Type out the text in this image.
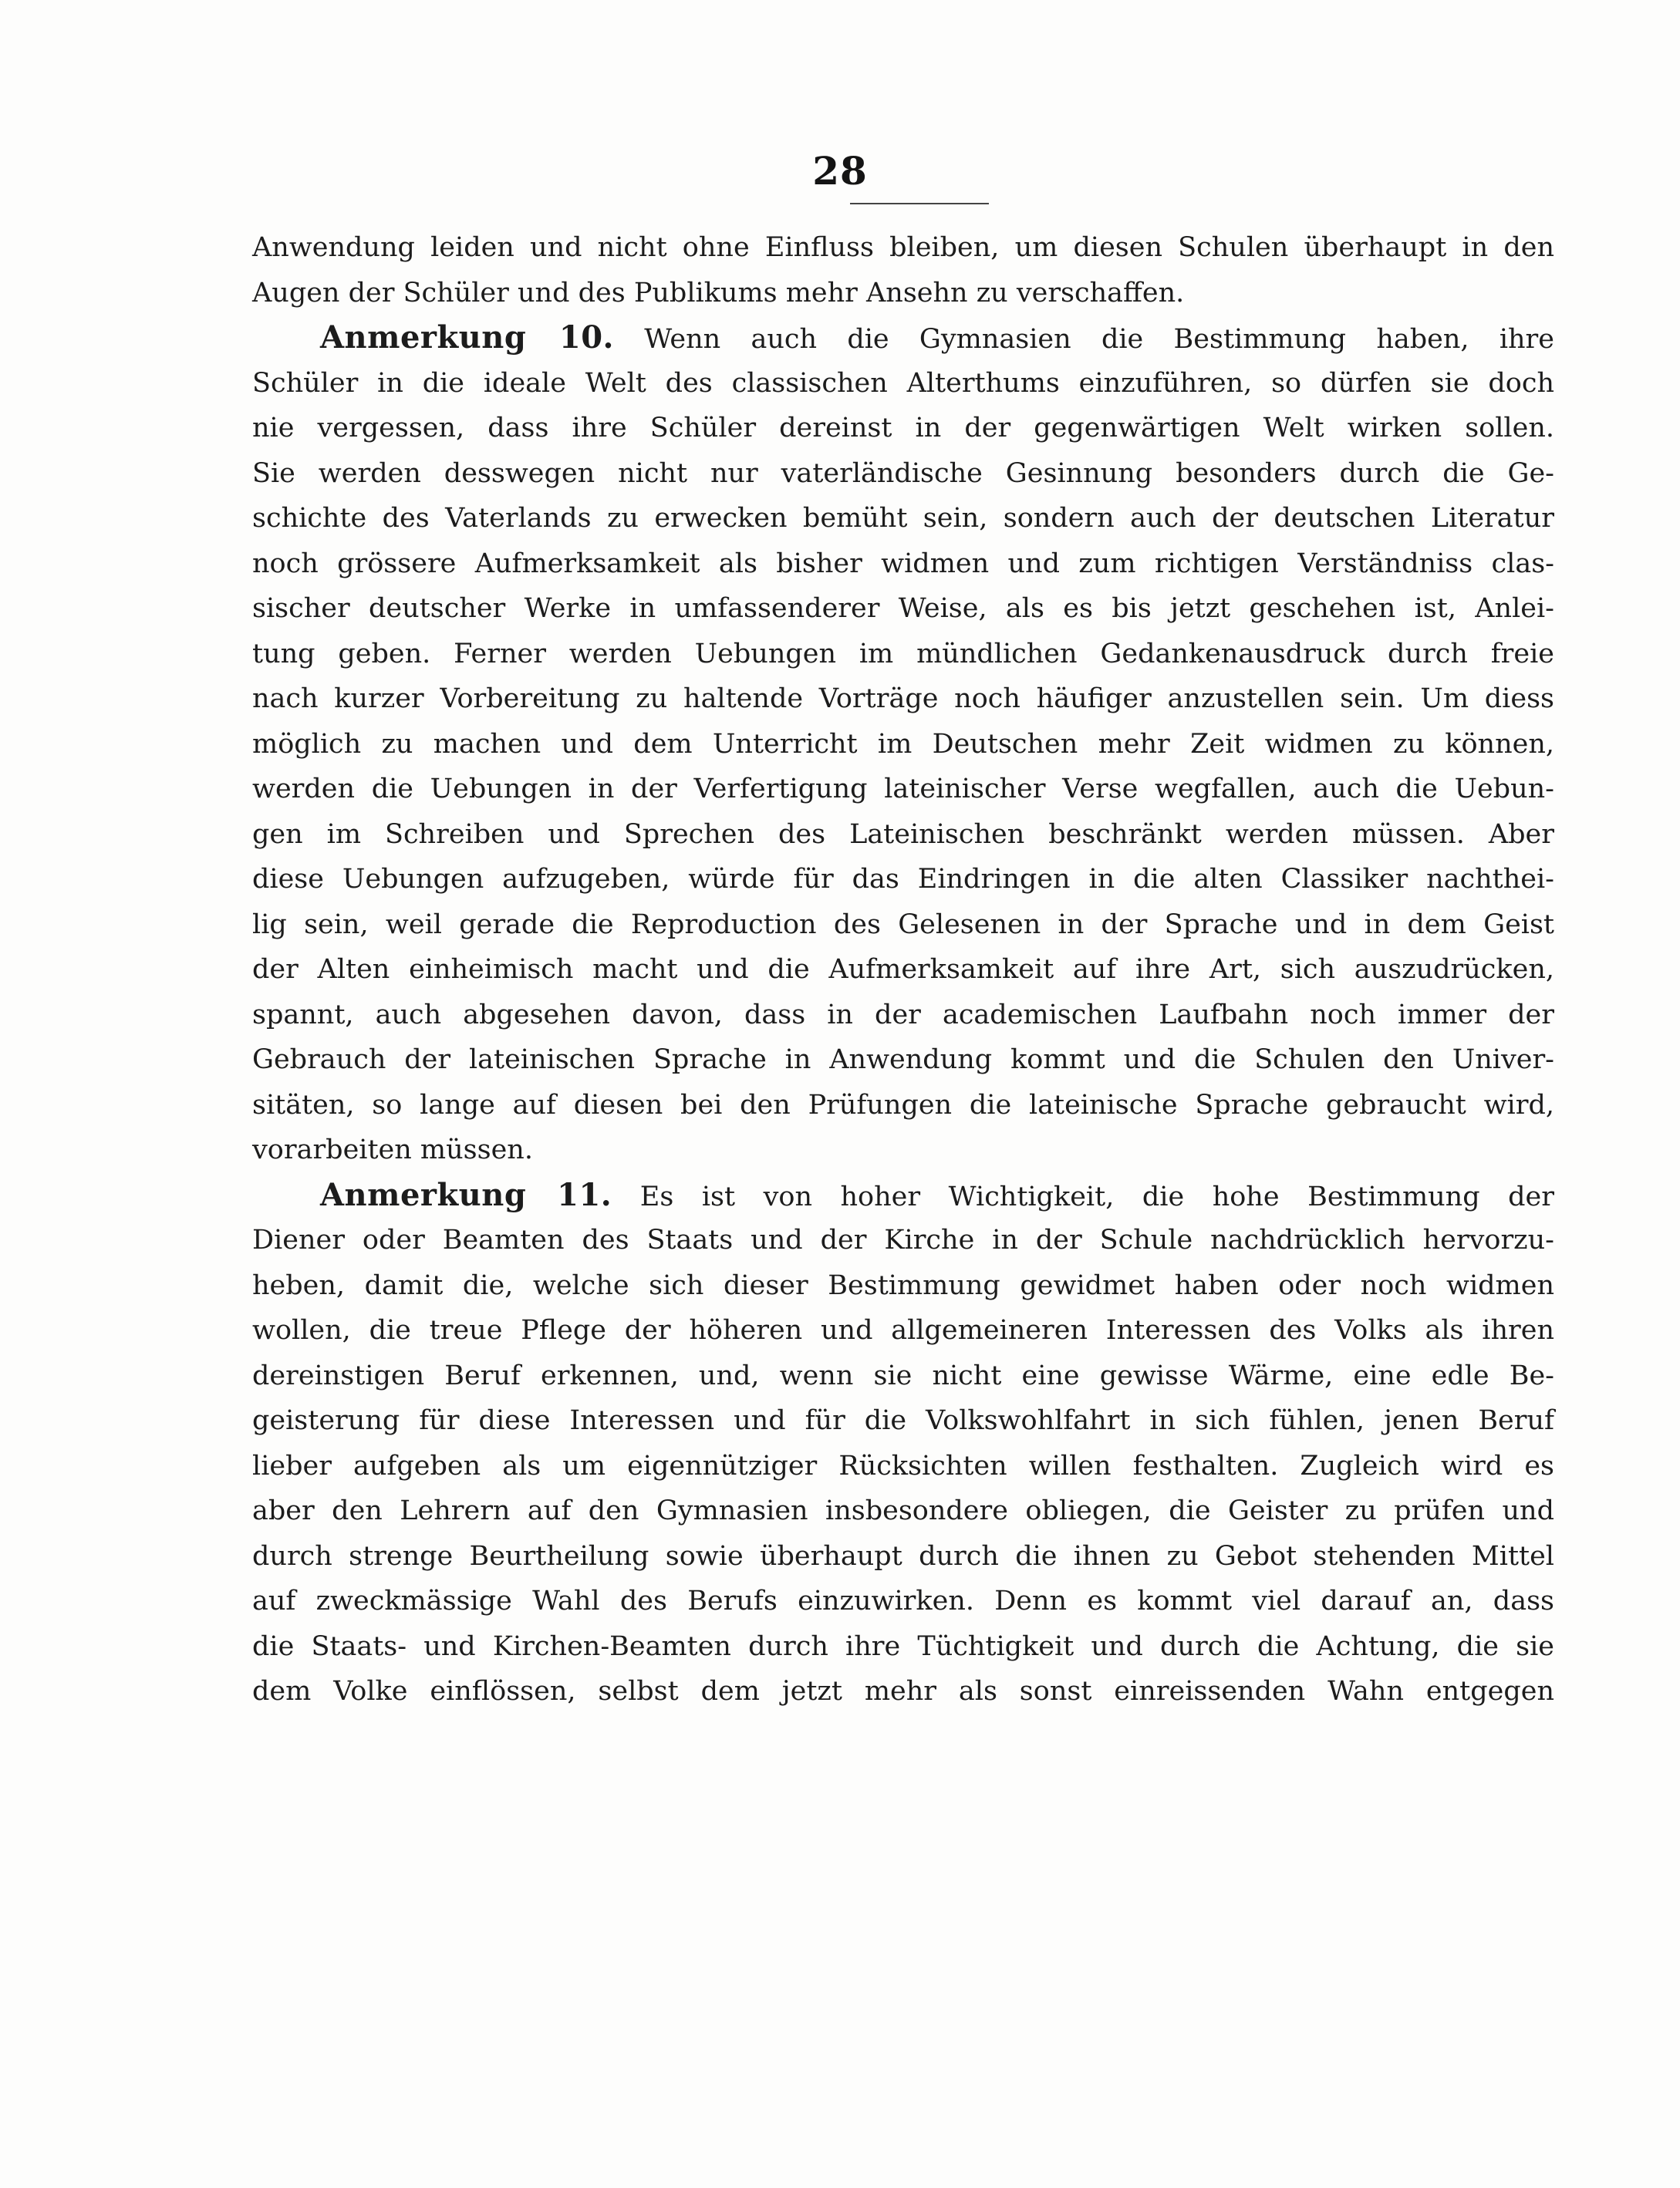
28
Anwendung leiden und nicht ohne Einfluss bleiben, um diesen Schulen überhaupt in den
Augen der Schüler und des Publikums mehr Ansehn zu verschaffen.
Anmerkung 10. Wenn auch die Gymnasien die Bestimmung haben, ihre
Schüler in die ideale Welt des classischen Alterthums einzuführen, so dürfen sie doch
nie vergessen, dass ihre Schüler dereinst in der gegenwärtigen Welt wirken sollen.
Sie werden desswegen nicht nur vaterländische Gesinnung besonders durch die Ge-
schichte des Vaterlands zu erwecken bemüht sein, sondern auch der deutschen Literatur
noch grössere Aufmerksamkeit als bisher widmen und zum richtigen Verständniss clas-
sischer deutscher Werke in umfassenderer Weise, als es bis jetzt geschehen ist, Anlei-
tung geben. Ferner werden Uebungen im mündlichen Gedankenausdruck durch freie
nach kurzer Vorbereitung zu haltende Vorträge noch häufiger anzustellen sein. Um diess
möglich zu machen und dem Unterricht im Deutschen mehr Zeit widmen zu können,
werden die Uebungen in der Verfertigung lateinischer Verse wegfallen, auch die Uebun-
gen im Schreiben und Sprechen des Lateinischen beschränkt werden müssen. Aber
diese Uebungen aufzugeben, würde für das Eindringen in die alten Classiker nachthei-
lig sein, weil gerade die Reproduction des Gelesenen in der Sprache und in dem Geist
der Alten einheimisch macht und die Aufmerksamkeit auf ihre Art, sich auszudrücken,
spannt, auch abgesehen davon, dass in der academischen Laufbahn noch immer der
Gebrauch der lateinischen Sprache in Anwendung kommt und die Schulen den Univer-
sitäten, so lange auf diesen bei den Prüfungen die lateinische Sprache gebraucht wird,
vorarbeiten müssen.
Anmerkung 11. Es ist von hoher Wichtigkeit, die hohe Bestimmung der
Diener oder Beamten des Staats und der Kirche in der Schule nachdrücklich hervorzu-
heben, damit die, welche sich dieser Bestimmung gewidmet haben oder noch widmen
wollen, die treue Pflege der höheren und allgemeineren Interessen des Volks als ihren
dereinstigen Beruf erkennen, und, wenn sie nicht eine gewisse Wärme, eine edle Be-
geisterung für diese Interessen und für die Volkswohlfahrt in sich fühlen, jenen Beruf
lieber aufgeben als um eigennütziger Rücksichten willen festhalten. Zugleich wird es
aber den Lehrern auf den Gymnasien insbesondere obliegen, die Geister zu prüfen und
durch strenge Beurtheilung sowie überhaupt durch die ihnen zu Gebot stehenden Mittel
auf zweckmässige Wahl des Berufs einzuwirken. Denn es kommt viel darauf an, dass
die Staats- und Kirchen-Beamten durch ihre Tüchtigkeit und durch die Achtung, die sie
dem Volke einflössen, selbst dem jetzt mehr als sonst einreissenden Wahn entgegen
